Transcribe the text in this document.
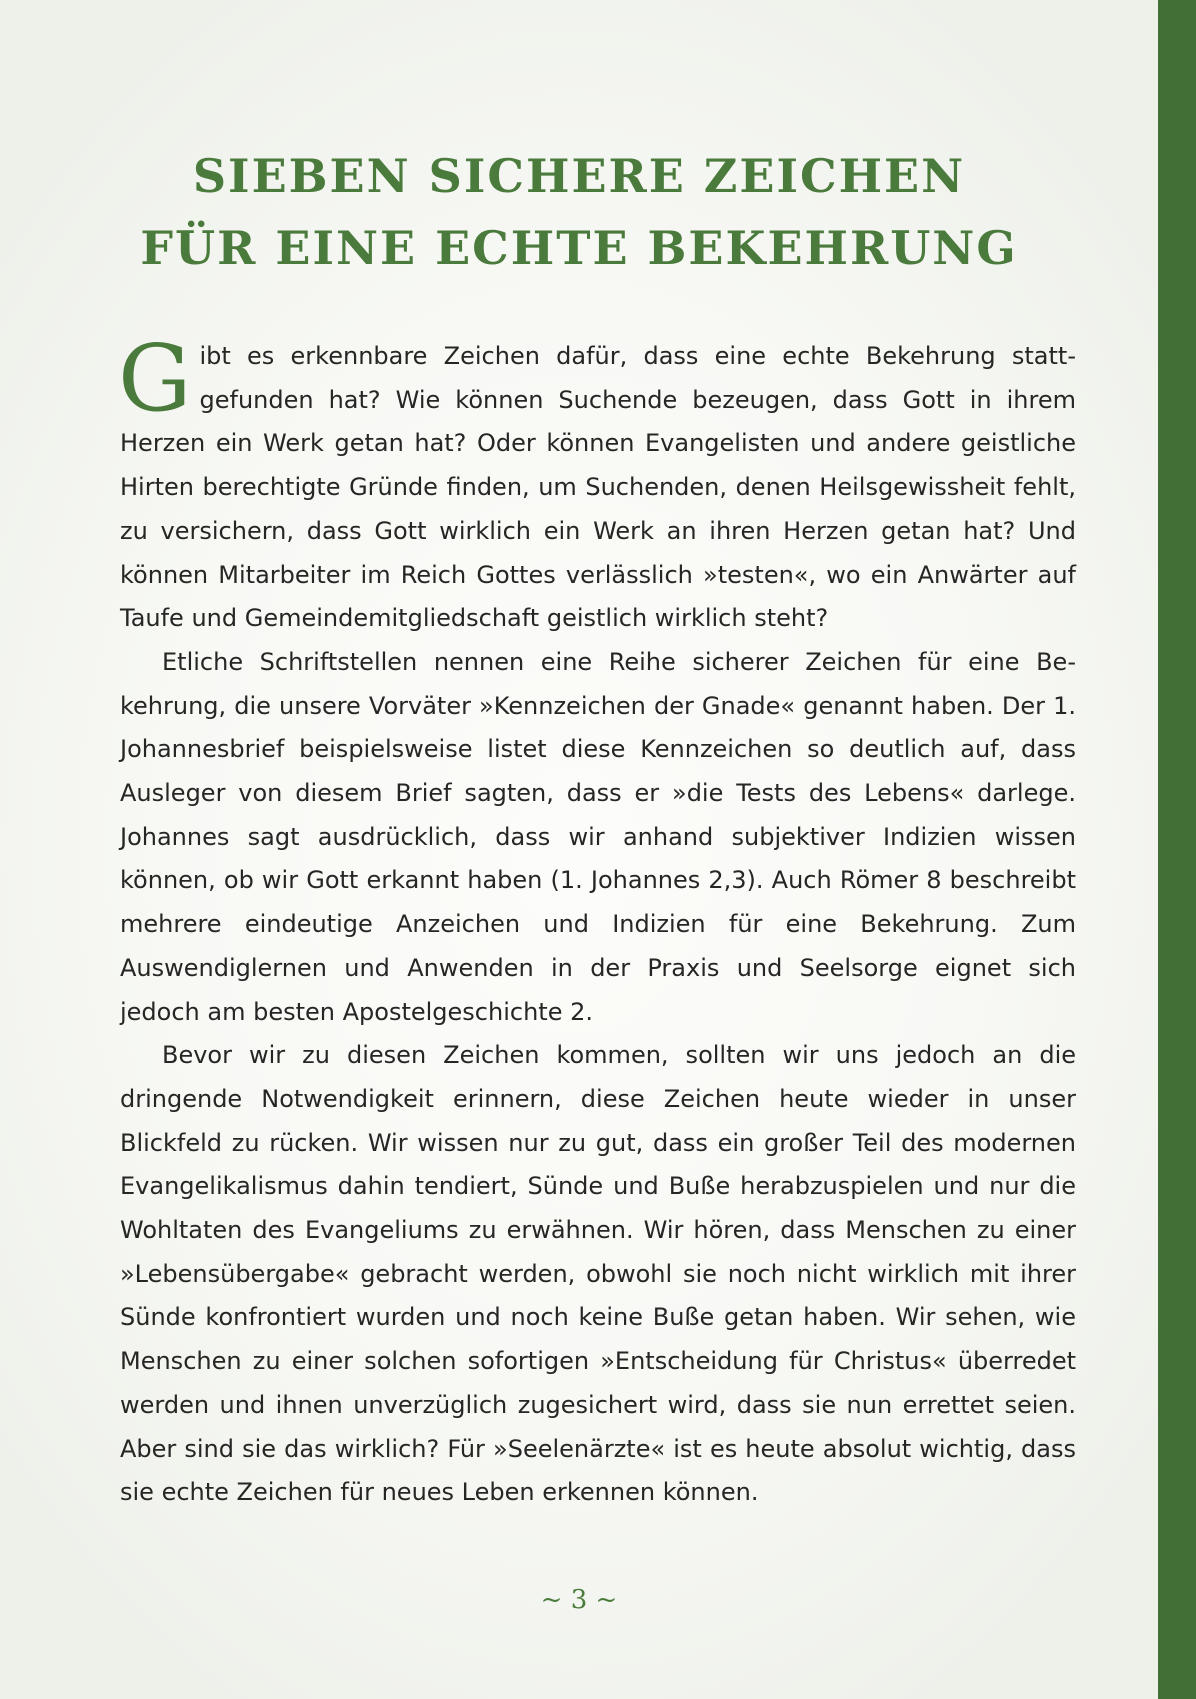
SIEBEN SICHERE ZEICHEN
FÜR EINE ECHTE BEKEHRUNG

Gibt es erkennbare Zeichen dafür, dass eine echte Bekehrung stattgefunden hat? Wie können Suchende bezeugen, dass Gott in ihrem Herzen ein Werk getan hat? Oder können Evangelisten und andere geistliche Hirten berechtigte Gründe finden, um Suchenden, denen Heilsgewissheit fehlt, zu versichern, dass Gott wirklich ein Werk an ihren Herzen getan hat? Und können Mitarbeiter im Reich Gottes verlässlich »testen«, wo ein Anwärter auf Taufe und Gemeindemitgliedschaft geistlich wirklich steht?

Etliche Schriftstellen nennen eine Reihe sicherer Zeichen für eine Bekehrung, die unsere Vorväter »Kennzeichen der Gnade« genannt haben. Der 1. Johannesbrief beispielsweise listet diese Kennzeichen so deutlich auf, dass Ausleger von diesem Brief sagten, dass er »die Tests des Lebens« darlege. Johannes sagt ausdrücklich, dass wir anhand subjektiver Indizien wissen können, ob wir Gott erkannt haben (1. Johannes 2,3). Auch Römer 8 beschreibt mehrere eindeutige Anzeichen und Indizien für eine Bekehrung. Zum Auswendiglernen und Anwenden in der Praxis und Seelsorge eignet sich jedoch am besten Apostelgeschichte 2.

Bevor wir zu diesen Zeichen kommen, sollten wir uns jedoch an die dringende Notwendigkeit erinnern, diese Zeichen heute wieder in unser Blickfeld zu rücken. Wir wissen nur zu gut, dass ein großer Teil des modernen Evangelikalismus dahin tendiert, Sünde und Buße herabzuspielen und nur die Wohltaten des Evangeliums zu erwähnen. Wir hören, dass Menschen zu einer »Lebensübergabe« gebracht werden, obwohl sie noch nicht wirklich mit ihrer Sünde konfrontiert wurden und noch keine Buße getan haben. Wir sehen, wie Menschen zu einer solchen sofortigen »Entscheidung für Christus« überredet werden und ihnen unverzüglich zugesichert wird, dass sie nun errettet seien. Aber sind sie das wirklich? Für »Seelenärzte« ist es heute absolut wichtig, dass sie echte Zeichen für neues Leben erkennen können.

~ 3 ~
